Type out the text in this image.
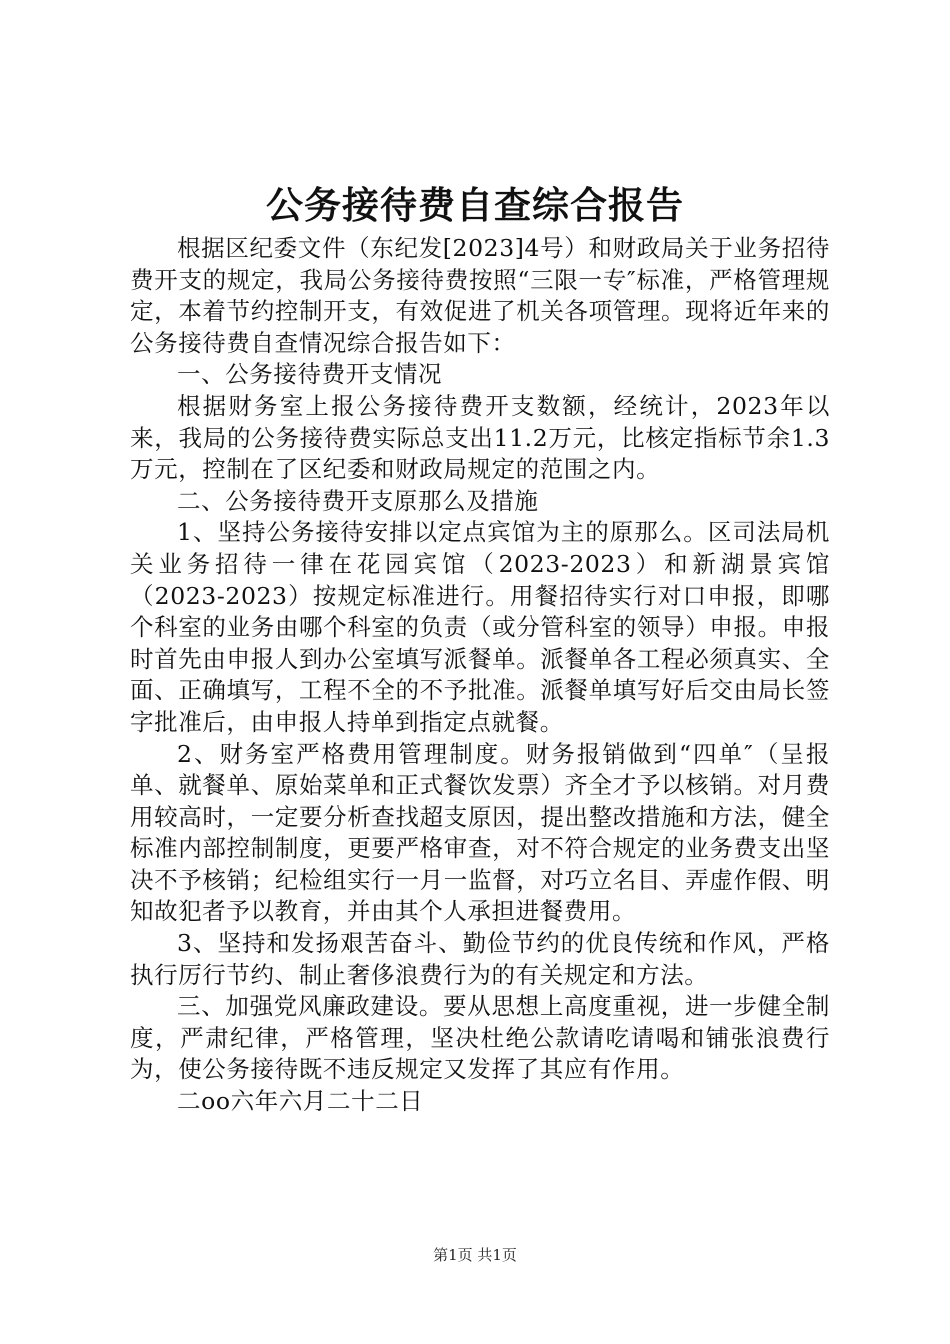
公务接待费自查综合报告

根据区纪委文件（东纪发[2023]4号）和财政局关于业务招待费开支的规定，我局公务接待费按照“三限一专″标准，严格管理规定，本着节约控制开支，有效促进了机关各项管理。现将近年来的公务接待费自查情况综合报告如下：

一、公务接待费开支情况

根据财务室上报公务接待费开支数额，经统计，2023年以来，我局的公务接待费实际总支出11.2万元，比核定指标节余1.3万元，控制在了区纪委和财政局规定的范围之内。

二、公务接待费开支原那么及措施

1、坚持公务接待安排以定点宾馆为主的原那么。区司法局机关业务招待一律在花园宾馆（2023-2023）和新湖景宾馆（2023-2023）按规定标准进行。用餐招待实行对口申报，即哪个科室的业务由哪个科室的负责（或分管科室的领导）申报。申报时首先由申报人到办公室填写派餐单。派餐单各工程必须真实、全面、正确填写，工程不全的不予批准。派餐单填写好后交由局长签字批准后，由申报人持单到指定点就餐。

2、财务室严格费用管理制度。财务报销做到“四单″（呈报单、就餐单、原始菜单和正式餐饮发票）齐全才予以核销。对月费用较高时，一定要分析查找超支原因，提出整改措施和方法，健全标准内部控制制度，更要严格审查，对不符合规定的业务费支出坚决不予核销；纪检组实行一月一监督，对巧立名目、弄虚作假、明知故犯者予以教育，并由其个人承担进餐费用。

3、坚持和发扬艰苦奋斗、勤俭节约的优良传统和作风，严格执行厉行节约、制止奢侈浪费行为的有关规定和方法。

三、加强党风廉政建设。要从思想上高度重视，进一步健全制度，严肃纪律，严格管理，坚决杜绝公款请吃请喝和铺张浪费行为，使公务接待既不违反规定又发挥了其应有作用。

二oo六年六月二十二日

第1页 共1页
